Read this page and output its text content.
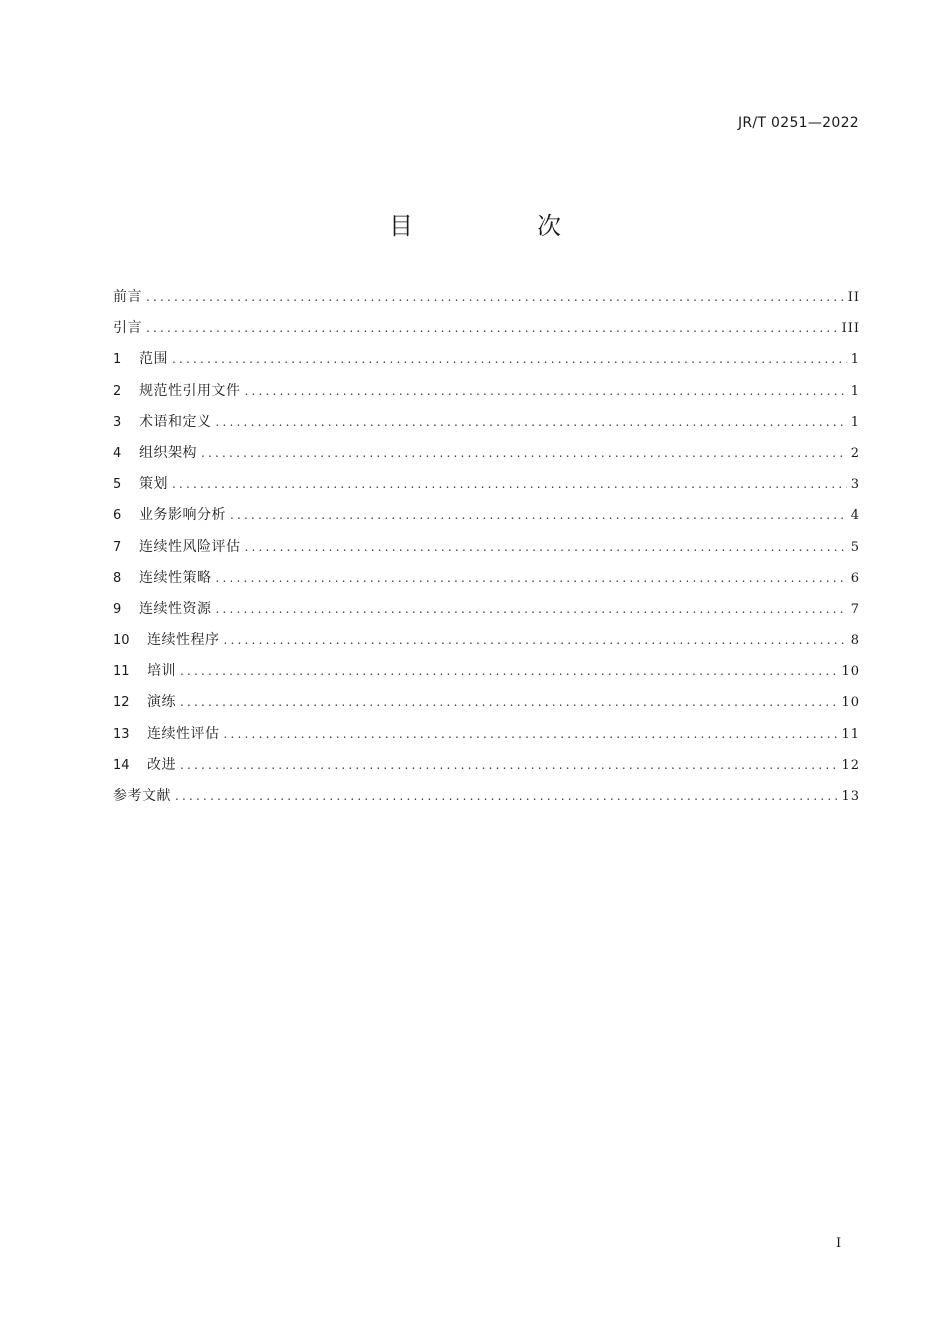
JR/T 0251—2022
目　次
前言 .....	II
引言 .....	III
1	范围 .....	1
2	规范性引用文件 .....	1
3	术语和定义 .....	1
4	组织架构 .....	2
5	策划 .....	3
6	业务影响分析 .....	4
7	连续性风险评估 .....	5
8	连续性策略 .....	6
9	连续性资源 .....	7
10	连续性程序 .....	8
11	培训 .....	10
12	演练 .....	10
13	连续性评估 .....	11
14	改进 .....	12
参考文献 .....	13
I
